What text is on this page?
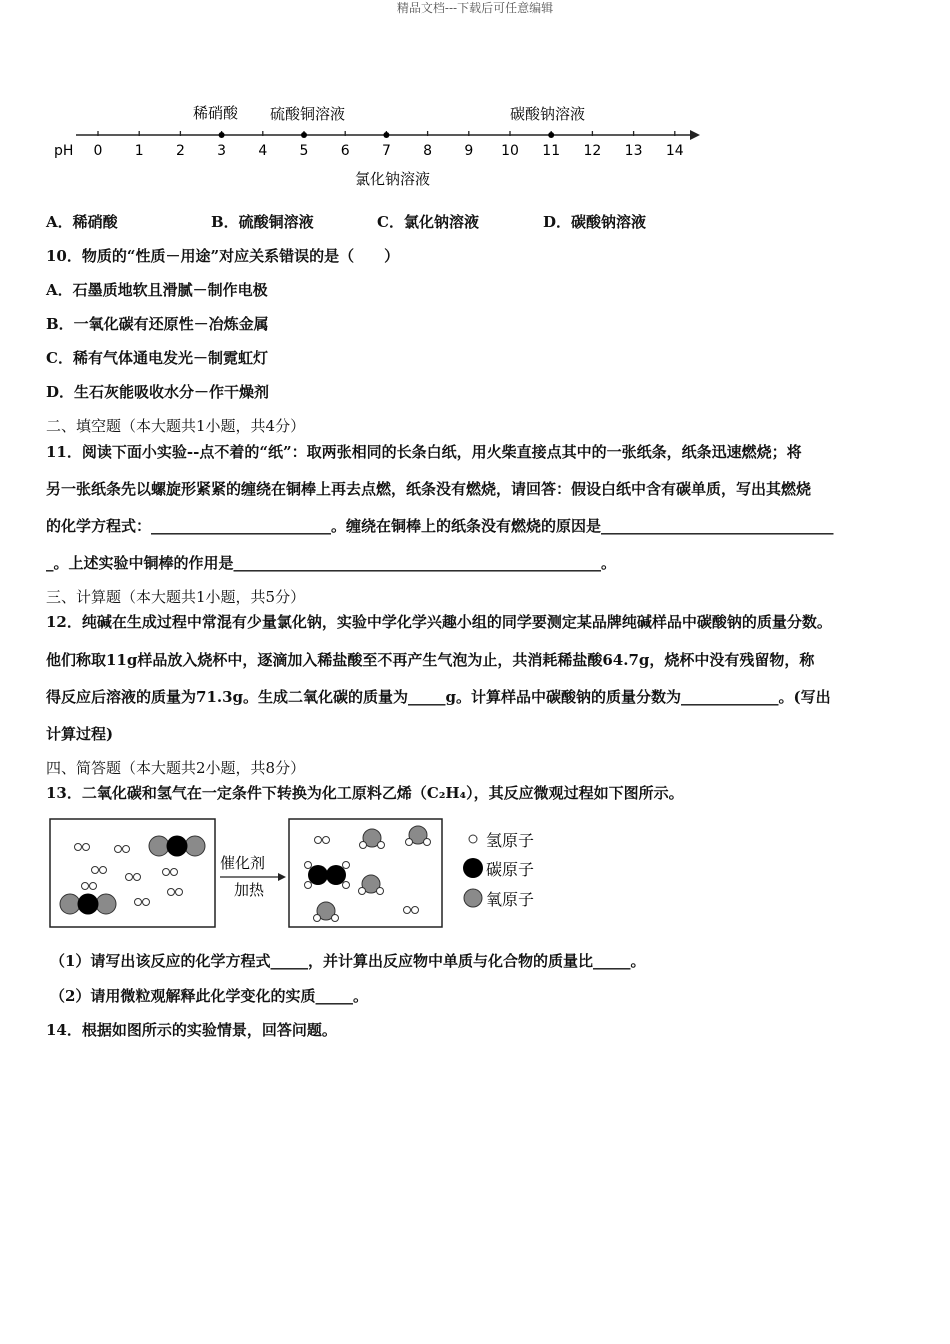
精品文档---下载后可任意编辑
pH 0 1 2 3 4 5 6 7 8 9 10 11 12 13 14
稀硝酸 硫酸铜溶液	碳酸钠溶液
氯化钠溶液
A．稀硝酸	B．硫酸铜溶液	C．氯化钠溶液	D．碳酸钠溶液
10．物质的“性质－用途”对应关系错误的是（　　）
A．石墨质地软且滑腻－制作电极
B．一氧化碳有还原性－冶炼金属
C．稀有气体通电发光－制霓虹灯
D．生石灰能吸收水分－作干燥剂
二、填空题（本大题共1小题，共4分）
11．阅读下面小实验--点不着的“纸”：取两张相同的长条白纸，用火柴直接点其中的一张纸条，纸条迅速燃烧；将
另一张纸条先以螺旋形紧紧的缠绕在铜棒上再去点燃，纸条没有燃烧，请回答：假设白纸中含有碳单质，写出其燃烧
的化学方程式：________________________。缠绕在铜棒上的纸条没有燃烧的原因是_______________________________
_。上述实验中铜棒的作用是_________________________________________________。
三、计算题（本大题共1小题，共5分）
12．纯碱在生成过程中常混有少量氯化钠，实验中学化学兴趣小组的同学要测定某品牌纯碱样品中碳酸钠的质量分数。
他们称取11g样品放入烧杯中，逐滴加入稀盐酸至不再产生气泡为止，共消耗稀盐酸64.7g，烧杯中没有残留物，称
得反应后溶液的质量为71.3g。生成二氧化碳的质量为_____g。计算样品中碳酸钠的质量分数为_____________。(写出
计算过程)
四、简答题（本大题共2小题，共8分）
13．二氧化碳和氢气在一定条件下转换为化工原料乙烯（C₂H₄），其反应微观过程如下图所示。
催化剂
加热
氢原子
碳原子
氧原子
（1）请写出该反应的化学方程式_____，并计算出反应物中单质与化合物的质量比_____。
（2）请用微粒观解释此化学变化的实质_____。
14．根据如图所示的实验情景，回答问题。
